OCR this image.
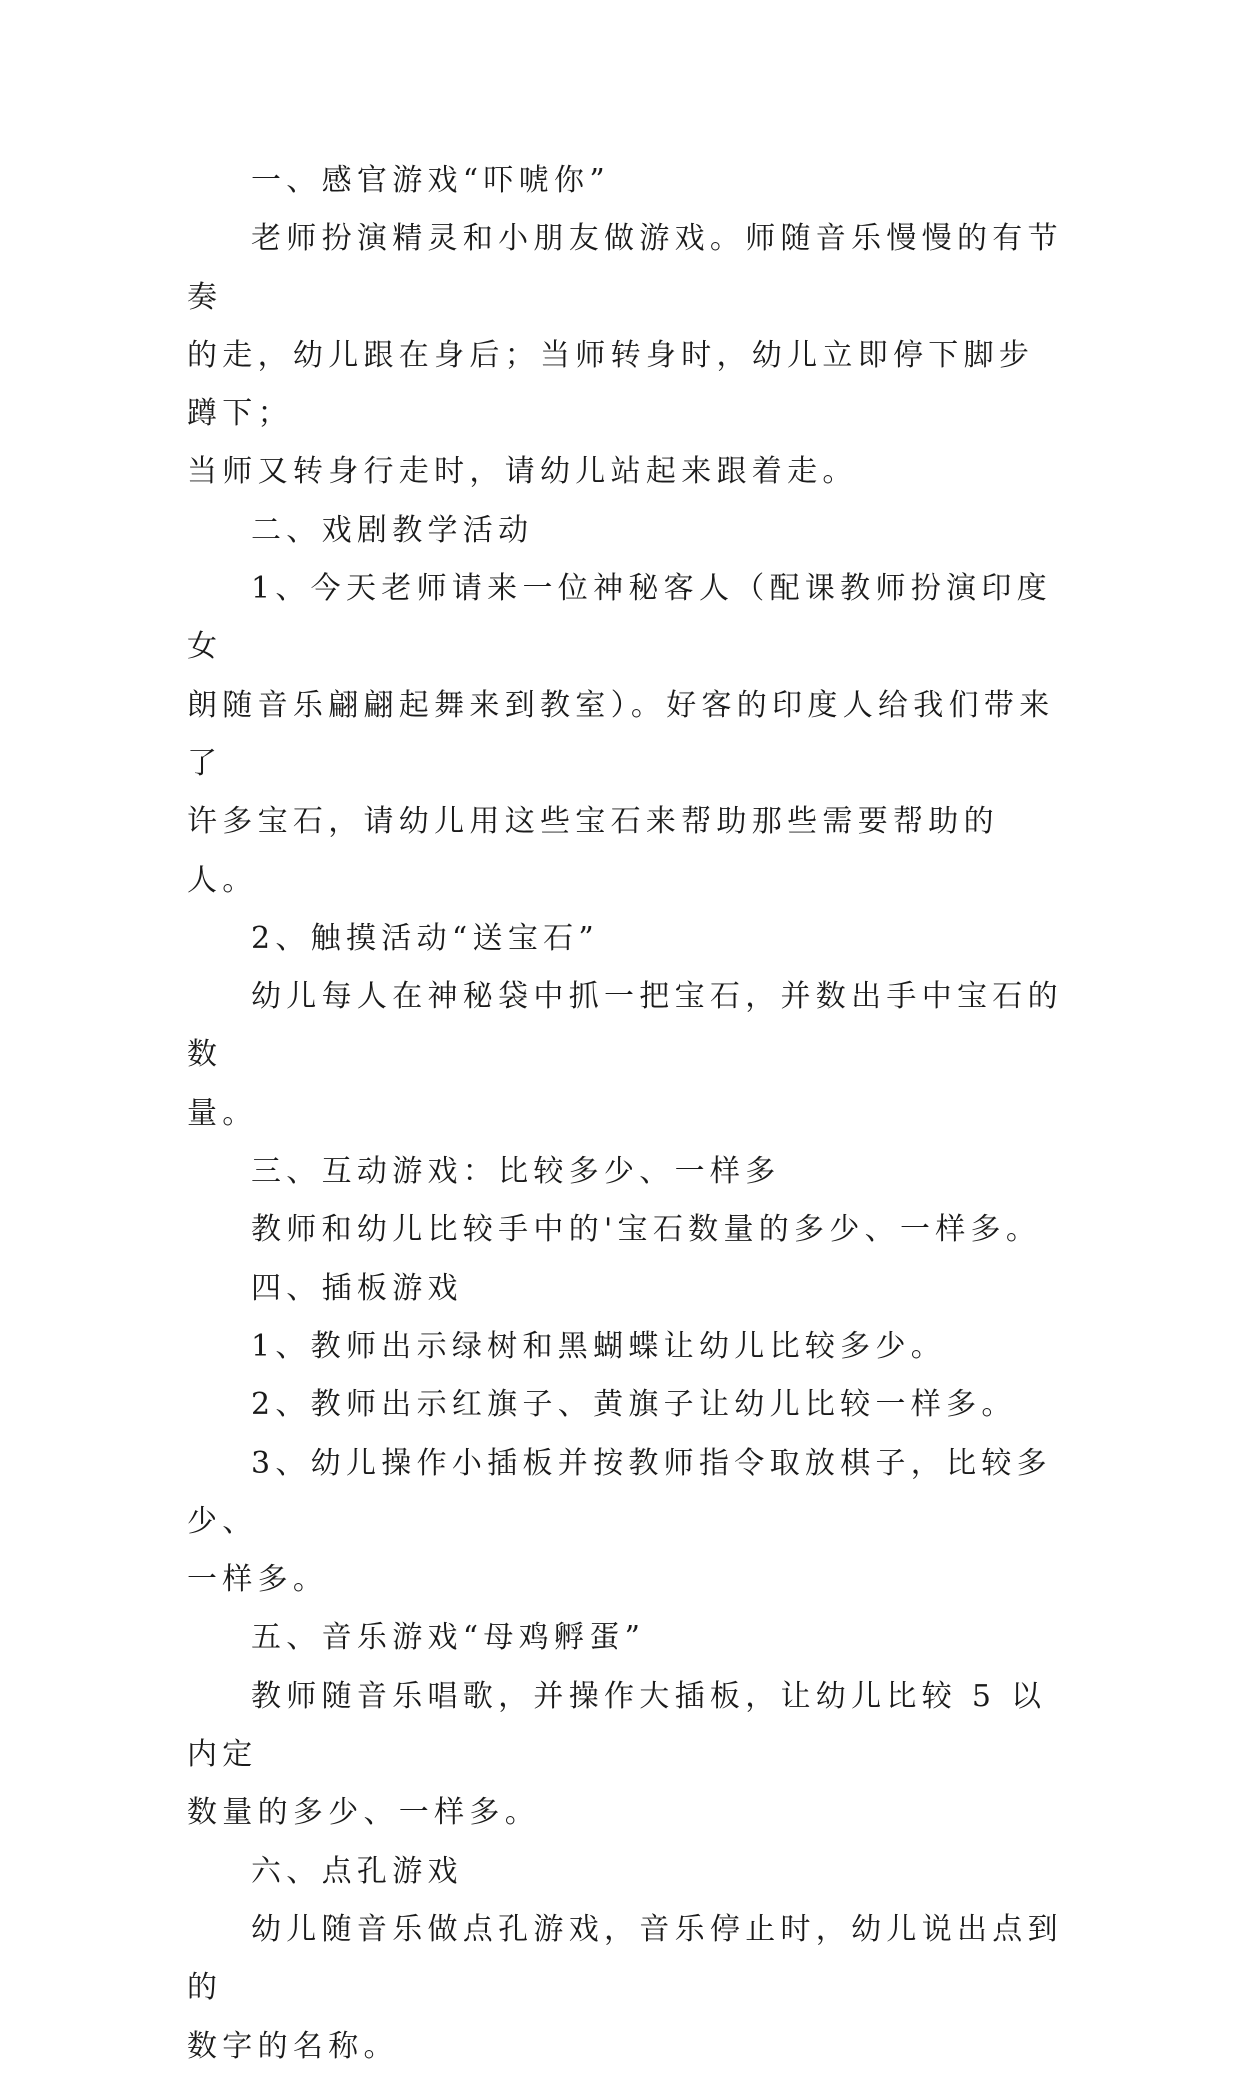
一、感官游戏“吓唬你”

老师扮演精灵和小朋友做游戏。师随音乐慢慢的有节奏

的走，幼儿跟在身后；当师转身时，幼儿立即停下脚步蹲下；

当师又转身行走时，请幼儿站起来跟着走。

二、戏剧教学活动

1、今天老师请来一位神秘客人（配课教师扮演印度女

朗随音乐翩翩起舞来到教室）。好客的印度人给我们带来了

许多宝石，请幼儿用这些宝石来帮助那些需要帮助的人。

2、触摸活动“送宝石”

幼儿每人在神秘袋中抓一把宝石，并数出手中宝石的数

量。

三、互动游戏：比较多少、一样多

教师和幼儿比较手中的'宝石数量的多少、一样多。

四、插板游戏

1、教师出示绿树和黑蝴蝶让幼儿比较多少。

2、教师出示红旗子、黄旗子让幼儿比较一样多。

3、幼儿操作小插板并按教师指令取放棋子，比较多少、

一样多。

五、音乐游戏“母鸡孵蛋”

教师随音乐唱歌，并操作大插板，让幼儿比较 5 以内定

数量的多少、一样多。

六、点孔游戏

幼儿随音乐做点孔游戏，音乐停止时，幼儿说出点到的

数字的名称。
